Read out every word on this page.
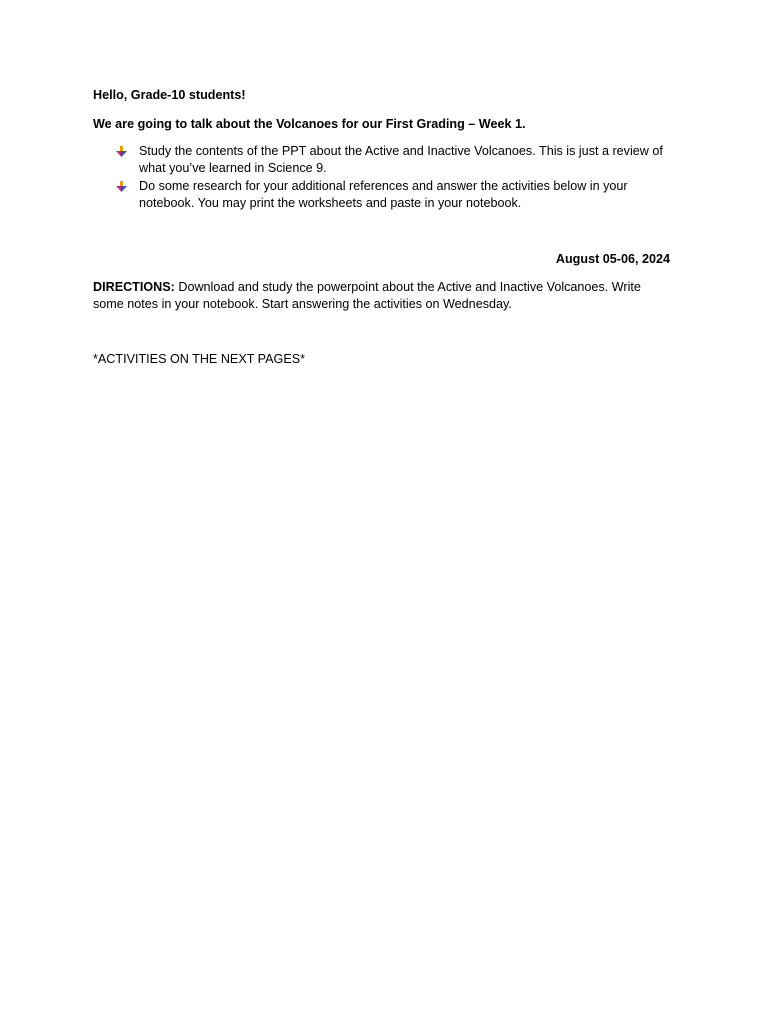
Hello, Grade-10 students!

We are going to talk about the Volcanoes for our First Grading – Week 1.

Study the contents of the PPT about the Active and Inactive Volcanoes. This is just a review of what you’ve learned in Science 9.
Do some research for your additional references and answer the activities below in your notebook. You may print the worksheets and paste in your notebook.

August 05-06, 2024

DIRECTIONS: Download and study the powerpoint about the Active and Inactive Volcanoes. Write some notes in your notebook. Start answering the activities on Wednesday.

*ACTIVITIES ON THE NEXT PAGES*
